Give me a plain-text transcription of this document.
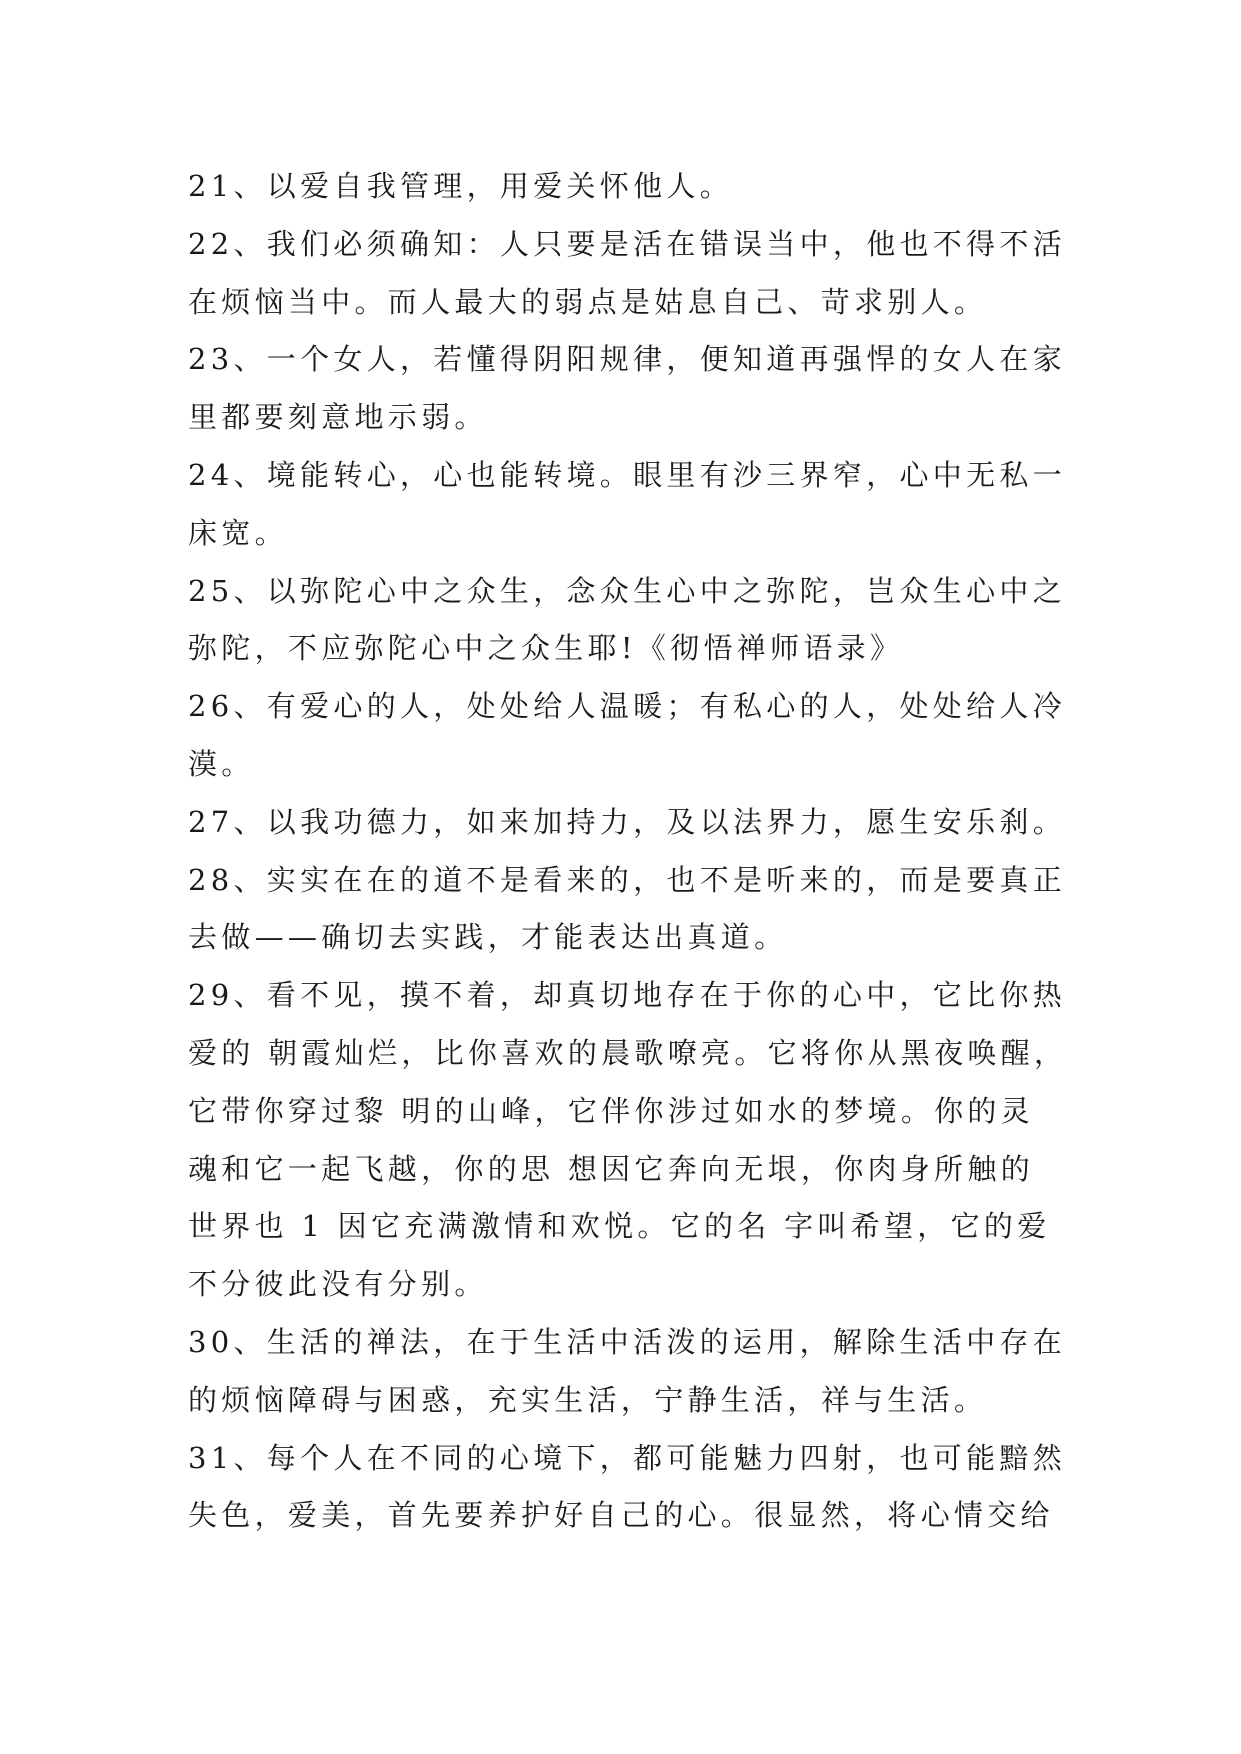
21、以爱自我管理，用爱关怀他人。
22、我们必须确知：人只要是活在错误当中，他也不得不活
在烦恼当中。而人最大的弱点是姑息自己、苛求别人。
23、一个女人，若懂得阴阳规律，便知道再强悍的女人在家
里都要刻意地示弱。
24、境能转心，心也能转境。眼里有沙三界窄，心中无私一
床宽。
25、以弥陀心中之众生，念众生心中之弥陀，岂众生心中之
弥陀，不应弥陀心中之众生耶!《彻悟禅师语录》
26、有爱心的人，处处给人温暖；有私心的人，处处给人冷
漠。
27、以我功德力，如来加持力，及以法界力，愿生安乐刹。
28、实实在在的道不是看来的，也不是听来的，而是要真正
去做——确切去实践，才能表达出真道。
29、看不见，摸不着，却真切地存在于你的心中，它比你热
爱的 朝霞灿烂，比你喜欢的晨歌嘹亮。它将你从黑夜唤醒，
它带你穿过黎 明的山峰，它伴你涉过如水的梦境。你的灵
魂和它一起飞越，你的思 想因它奔向无垠，你肉身所触的
世界也 1 因它充满激情和欢悦。它的名 字叫希望，它的爱
不分彼此没有分别。
30、生活的禅法，在于生活中活泼的运用，解除生活中存在
的烦恼障碍与困惑，充实生活，宁静生活，祥与生活。
31、每个人在不同的心境下，都可能魅力四射，也可能黯然
失色，爱美，首先要养护好自己的心。很显然，将心情交给
